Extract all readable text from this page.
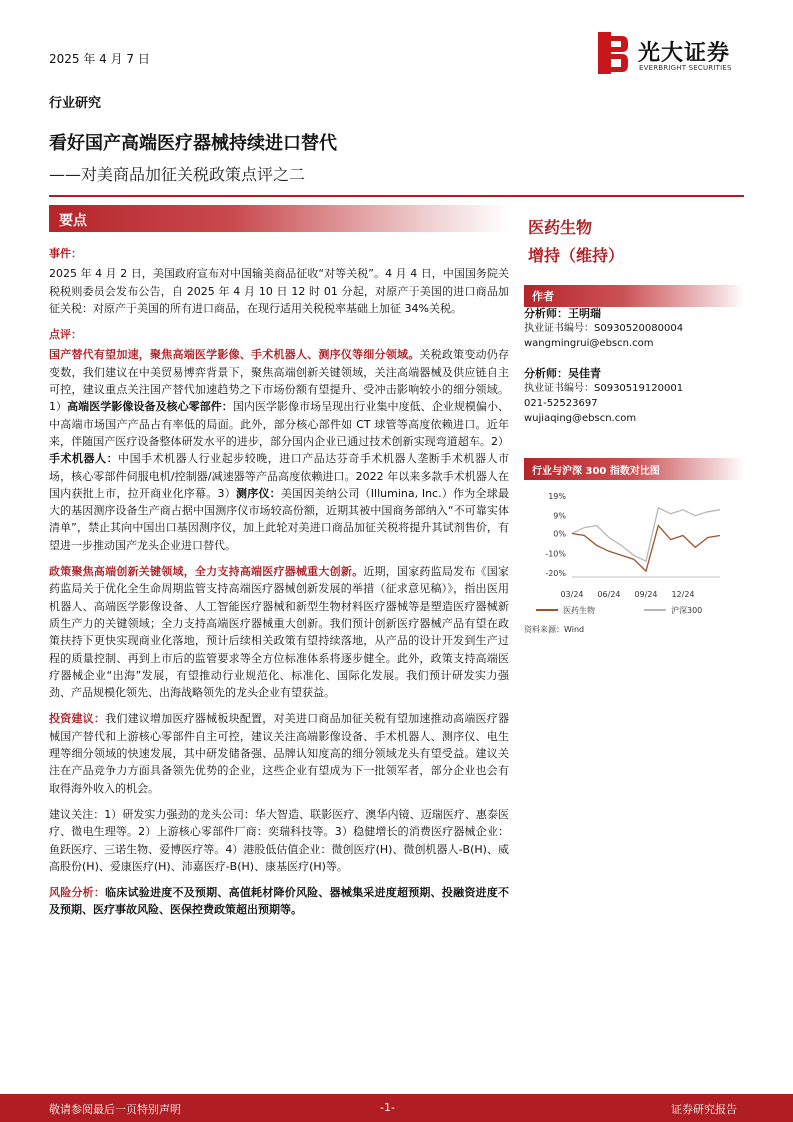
2025 年 4 月 7 日	光大证券
EVERBRIGHT SECURITIES
行业研究
看好国产高端医疗器械持续进口替代
——对美商品加征关税政策点评之二
要点
事件：
2025 年 4 月 2 日，美国政府宣布对中国输美商品征收“对等关税”。4 月 4 日，中国国务院关税税则委员会发布公告，自 2025 年 4 月 10 日 12 时 01 分起，对原产于美国的进口商品加征关税：对原产于美国的所有进口商品，在现行适用关税税率基础上加征 34%关税。
点评：
国产替代有望加速，聚焦高端医学影像、手术机器人、测序仪等细分领域。关税政策变动仍存变数，我们建议在中美贸易博弈背景下，聚焦高端创新关键领域，关注高端器械及供应链自主可控，建议重点关注国产替代加速趋势之下市场份额有望提升、受冲击影响较小的细分领域。1）高端医学影像设备及核心零部件：国内医学影像市场呈现出行业集中度低、企业规模偏小、中高端市场国产产品占有率低的局面。此外，部分核心部件如 CT 球管等高度依赖进口。近年来，伴随国产医疗设备整体研发水平的进步，部分国内企业已通过技术创新实现弯道超车。2）手术机器人：中国手术机器人行业起步较晚，进口产品达芬奇手术机器人垄断手术机器人市场，核心零部件伺服电机/控制器/减速器等产品高度依赖进口。2022 年以来多款手术机器人在国内获批上市，拉开商业化序幕。3）测序仪：美国因美纳公司（Illumina, Inc.）作为全球最大的基因测序设备生产商占据中国测序仪市场较高份额，近期其被中国商务部纳入“不可靠实体清单”，禁止其向中国出口基因测序仪，加上此轮对美进口商品加征关税将提升其试剂售价，有望进一步推动国产龙头企业进口替代。
政策聚焦高端创新关键领域，全力支持高端医疗器械重大创新。近期，国家药监局发布《国家药监局关于优化全生命周期监管支持高端医疗器械创新发展的举措（征求意见稿）》，指出医用机器人、高端医学影像设备、人工智能医疗器械和新型生物材料医疗器械等是塑造医疗器械新质生产力的关键领域；全力支持高端医疗器械重大创新。我们预计创新医疗器械产品有望在政策扶持下更快实现商业化落地，预计后续相关政策有望持续落地，从产品的设计开发到生产过程的质量控制、再到上市后的监管要求等全方位标准体系将逐步健全。此外，政策支持高端医疗器械企业“出海”发展，有望推动行业规范化、标准化、国际化发展。我们预计研发实力强劲、产品规模化领先、出海战略领先的龙头企业有望获益。
投资建议：我们建议增加医疗器械板块配置，对美进口商品加征关税有望加速推动高端医疗器械国产替代和上游核心零部件自主可控，建议关注高端影像设备、手术机器人、测序仪、电生理等细分领域的快速发展，其中研发储备强、品牌认知度高的细分领域龙头有望受益。建议关注在产品竞争力方面具备领先优势的企业，这些企业有望成为下一批领军者，部分企业也会有取得海外收入的机会。
建议关注：1）研发实力强劲的龙头公司：华大智造、联影医疗、澳华内镜、迈瑞医疗、惠泰医疗、微电生理等。2）上游核心零部件厂商：奕瑞科技等。3）稳健增长的消费医疗器械企业：鱼跃医疗、三诺生物、爱博医疗等。4）港股低估值企业：微创医疗(H)、微创机器人-B(H)、威高股份(H)、爱康医疗(H)、沛嘉医疗-B(H)、康基医疗(H)等。
风险分析：临床试验进度不及预期、高值耗材降价风险、器械集采进度超预期、投融资进度不及预期、医疗事故风险、医保控费政策超出预期等。
医药生物
增持（维持）
作者
分析师：王明瑞
执业证书编号：S0930520080004
wangmingrui@ebscn.com
分析师：吴佳青
执业证书编号：S0930519120001
021-52523697
wujiaqing@ebscn.com
行业与沪深 300 指数对比图
19%
9%
0%
-10%
-20%
03/24 06/24 09/24 12/24
医药生物	沪深300
资料来源：Wind
敬请参阅最后一页特别声明	-1-	证券研究报告
